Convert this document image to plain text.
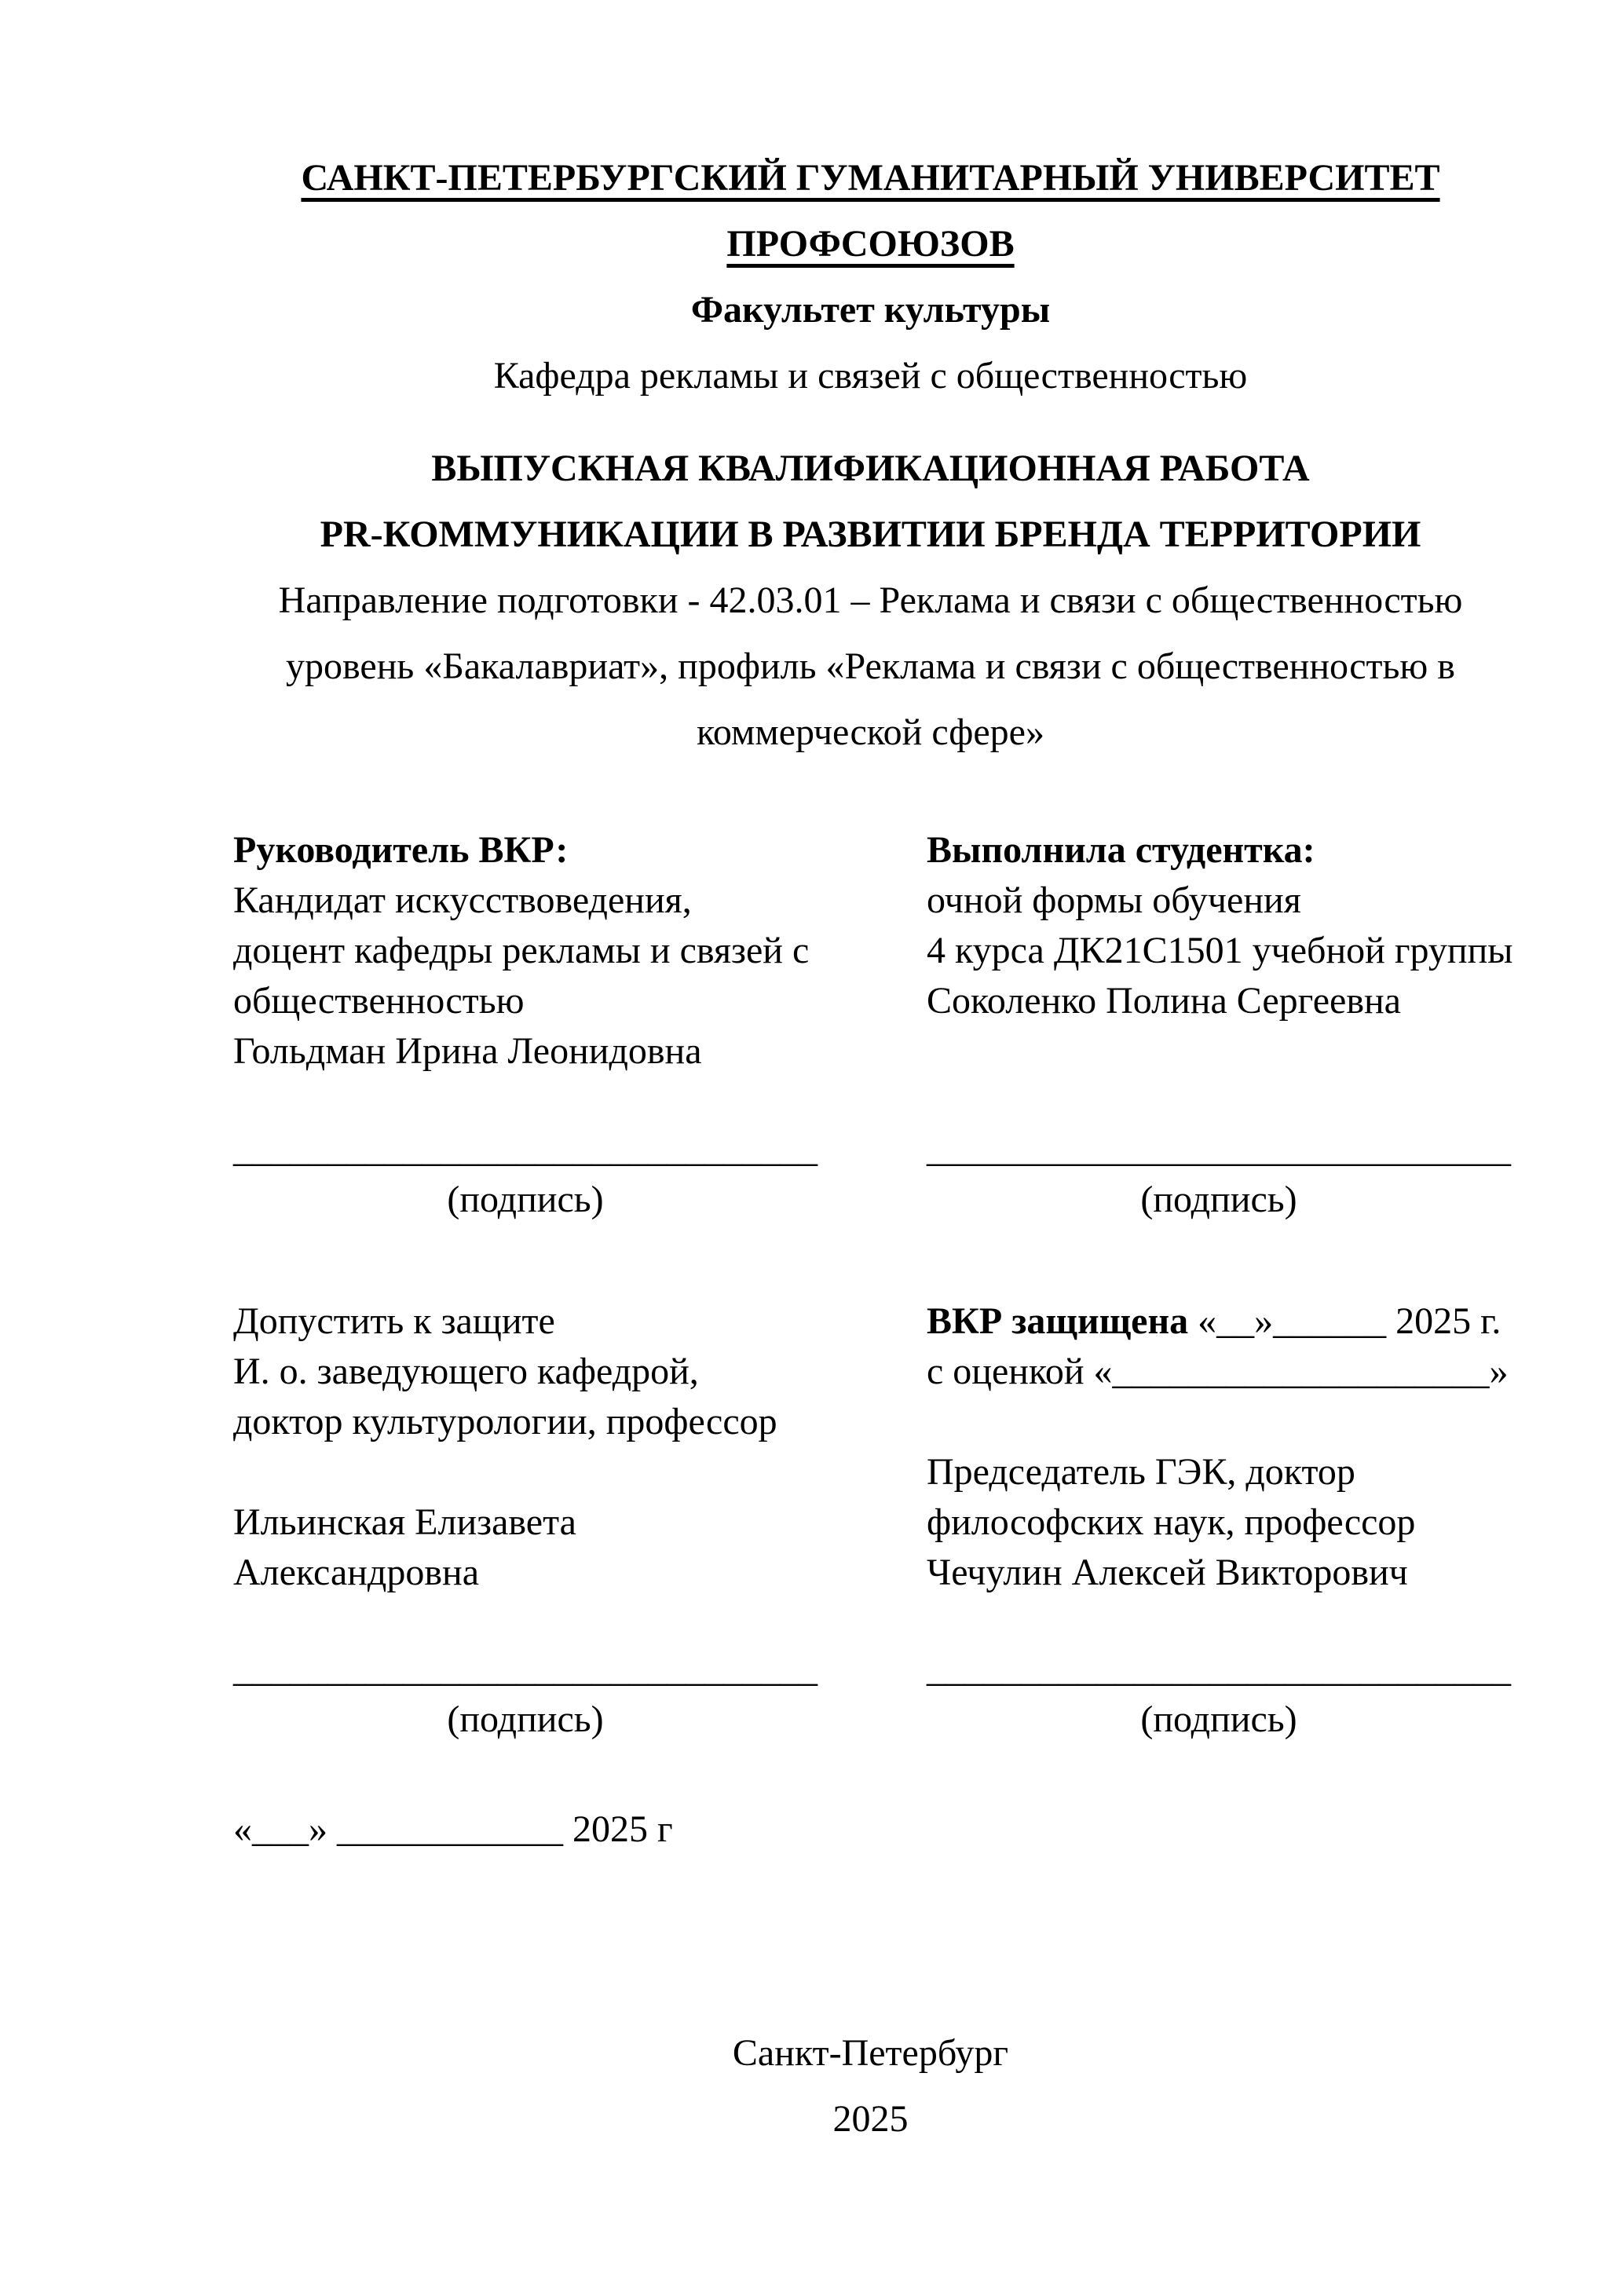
САНКТ-ПЕТЕРБУРГСКИЙ ГУМАНИТАРНЫЙ УНИВЕРСИТЕТ
ПРОФСОЮЗОВ
Факультет культуры
Кафедра рекламы и связей с общественностью
ВЫПУСКНАЯ КВАЛИФИКАЦИОННАЯ РАБОТА
PR-КОММУНИКАЦИИ В РАЗВИТИИ БРЕНДА ТЕРРИТОРИИ
Направление подготовки - 42.03.01 – Реклама и связи с общественностью
уровень «Бакалавриат», профиль «Реклама и связи с общественностью в
коммерческой сфере»
Руководитель ВКР:
Кандидат искусствоведения,
доцент кафедры рекламы и связей с
общественностью
Гольдман Ирина Леонидовна
Выполнила студентка:
очной формы обучения
4 курса ДК21С1501 учебной группы
Соколенко Полина Сергеевна
_______________________________
(подпись)
_______________________________
(подпись)
Допустить к защите
И. о. заведующего кафедрой,
доктор культурологии, профессор

Ильинская Елизавета
Александровна
ВКР защищена «__»______ 2025 г.
с оценкой «____________________»

Председатель ГЭК, доктор
философских наук, профессор
Чечулин Алексей Викторович
_______________________________
(подпись)
_______________________________
(подпись)
«___» ____________ 2025 г
Санкт-Петербург
2025
